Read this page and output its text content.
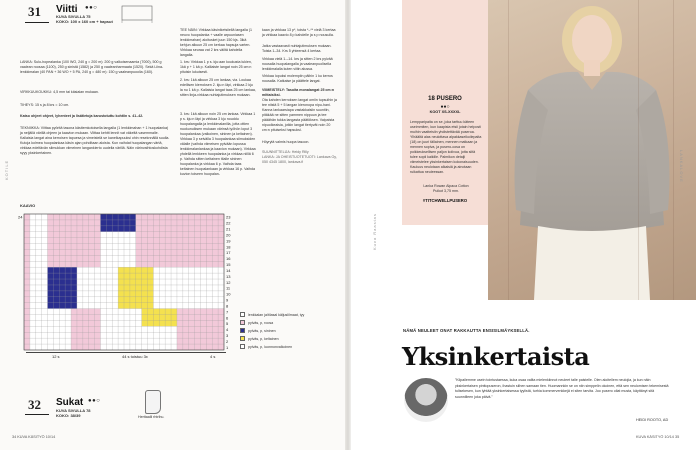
KOTILE
31 Viitti ●●○
KUVA SIVULLA 75
KOKO: 100 x 160 cm + hapsut
LANKA: Sulo-hopealanka (100 WO, 240 g = 200 m): 200 g valkoisenaamia (7000), 500 g vaalean roosaa (1100), 250 g sinistä (1582) ja 250 g vaaleanharmaata (1520). Sekä Liina-lenkkimalan (40 PAN + 36 WO + 5 PA, 240 g = 480 m): 150 g vaaleanpuoolia (160).
VIRKKUUKOUKKU: 4,5 mm tai käsialan mukaan.
TIHEYS: 15 s ja 8 krs = 10 cm.
Katso ohjeet ohjeet, lyhenteet ja lisätietoja karustotuttu kohtiin s. 41–42.
TEKNIIKKA: Viittaa pyöritä tasona käsitemkotoisella langalla (1 lenkkimahan + 1 huopalanka) ja neljällä värillä ohjeen ja kaavion mukaan. Viittaa kehitt lennit vat väkeltä vasemmalle. Kallaisia langat aina kerroisen tapuesa ja vimeistelä se kanelkapuuksi ohin reseknnällä suulla. Kutoja kolmea huopalankaa käsin ajan pohditaan aloista. Kun vaihdat huopalangan värtä, virkkaa edeltävän silmukkan viimeinen langankierto uudella värillä. Näin värinvaihtoskohdista syyy yksinkertainen.
TEE NÄIN: Virkkaa käsiniketsiiellä langalla (1 neuvo huopalanka + vaalle arpuuniasen lenkkimahan) aloitusket juun 150 kjs. 3ikä kehjun alkuun 25 cm kerkaa hapsuja varten. Virkkaa seuraa vat 2 krs väiltä kahdella langalla.
1. krs: Virkkaa 1 p s. kju:aan koukusta lukien, 1kä p + 1 kä p. Kalliaiste langat noin 25 cm:n pituisin lukuisesti.
2. krs: 1kä alkuun 25 cm lankaa, via. Loukaa edellisen kierroksen 2. kju:n läpi, virkkaa 2 kju la nu 1 kä p. Kallaisia langat taas 25 cm lankaa, sitten linja-virkkaa nuhtajutimuksen mukaan.
3. krs: 1kä alkuun noin 25 cm lankaa. Virkkaa 1 p s. kju:n läpi ja virkkaa 3 kju nouddu huopalangalla ja lenkkimalanilla, jotta ottien nuokunuiksen mukaan värinsä työhön loput 3 huopalankaa (valkoinen, sininen ja keltainen). Virkkaa 3 p seivälla 3 huopalankaa siimuksiden välalle (vaihda viimeisen pylvään lopussa lenkkimalanlankaa ja kaavion mukaan). Virkkaa yhdellä lenkkeen huopalanka ja virkkaa niillä 6 p. Vaihda sitten keltainen tilalle sininen huopalanka ja virkkaa 6 p. Vaihda taas keltainen huopalankaan ja virkkaa 16 p. Vaihda kuvion toiseen huopalan-
kaan ja virkkaa 13 p*, toista *–** vielä 3 kertaa ja virkkaa kaavio 8 p kahdelle ja s p nousulla.
Jatka vastaavasti nuhtajutimuksen mukaan. Toista 1–34. Krs 5 yhteensä 4 kertaa.
Virkkaa vielä 1.–14. krs ja sitten 2 krs pylvää nousalla huopalangalla ja vaaleanpuolisella lenkkimalalla kuten viitin alussa.
Virkkaa lopuksi molempiin päihin 1 ku kerros nousalla. Katkaise ja päättele langat.
VIIMEISTELY: Tasoita monalangat 25 cm:n mittaisiksi.
Ota kahden kerroksen langat omiin tupsuihin ja tee niistä 5 + 5 langan kieronopa nipu-hani. Kanna lankaarsiapa vastakkaisiin suuntiin, pitäkää ne sitten yammen nippuun ja tee pääähän tukka langasta päätöksen. Vaipaista nipuolkeaisia, jotkin langat tiertyvät noin 20 cm:n pituiseksi hapsuksi.
Höyrytä valmis huopa tasoon.
SUUNNITTELIJA: Heidy Rilly
LANKA: JA OHEISTUOTETUOTI: Lankava Oy, 050 4345 1800, lankava.fi
KAAVIO
23
22
21
20
19
18
17
16
15
14
13
12
11
10
9
8
7
6
5
4
3
2
1
24
12 s	44 s toistuu 3x	4 s
lenkkalan ja/tilasal käljuslilmaat, tyy
pylväs, p, roosa
pylväs, p, sininen
pylväs, p, keltainen
pylväs, p, luonnonvalkoinen
Herttaalli rhtrihu.
32 Sukat ●●○
KUVA SIVULLA 78
KOKO: 38/39
34 KUVA KÄSITYÖ 10/14
18 PUSERO
●●○
KOOT XS-XXXXL
Lempparipaita on se, joka tarttuu käteen useimmiten, kun kaapista etsii jotain helposti muihin vaatteisiin yhdistettävää puseroa. Ylhäältä alas neulottava alpakkaseikoilepaita (18) on juuri tällainen, mennen matkaan ja mennen sopiva, ja pusero-cosa on poikkeuksellisen paljon kolivua, jotta siitä tulee sopii kaikille. Palmikon detalji viimeistelee yksinkertaisen kokonaisuuden. Kauluus neulotaan alkaisiä ja ainotaan ruikattua neuleessan.
Lanka Rowan Alpaca Cotton
Puikot 3,75 mm.
#TITCHWELLPUSERO
Kuva Raastas
LANKALOVE
NÄMÄ NEULEET ONAT RAKKAUTTA ENSISILMÄYKSELLÄ.
Yksinkertaista
"Kilpailemme usein tointustaessa, kuka osaa valita mielenkiinnot neuleet talle paistelle. Olen aloitellem neulojia, ja kun näin yksinkertaisen pinttopuseron, ihastuin siihen samaan tien. Huomannkin se on niin simppelin okoinen, että sen neulomisen tekemisestä tulisekesen, kun lyhtää yksinkertaisessa tyylistä, turhia kommervenkkejä ei siten tarvita. Joo pusero oliat musta, käyttänyt sitä suunnilleen joka päivä."
HEIDI ROOTO, AD
KUVA KÄSITYÖ 10/14 35
